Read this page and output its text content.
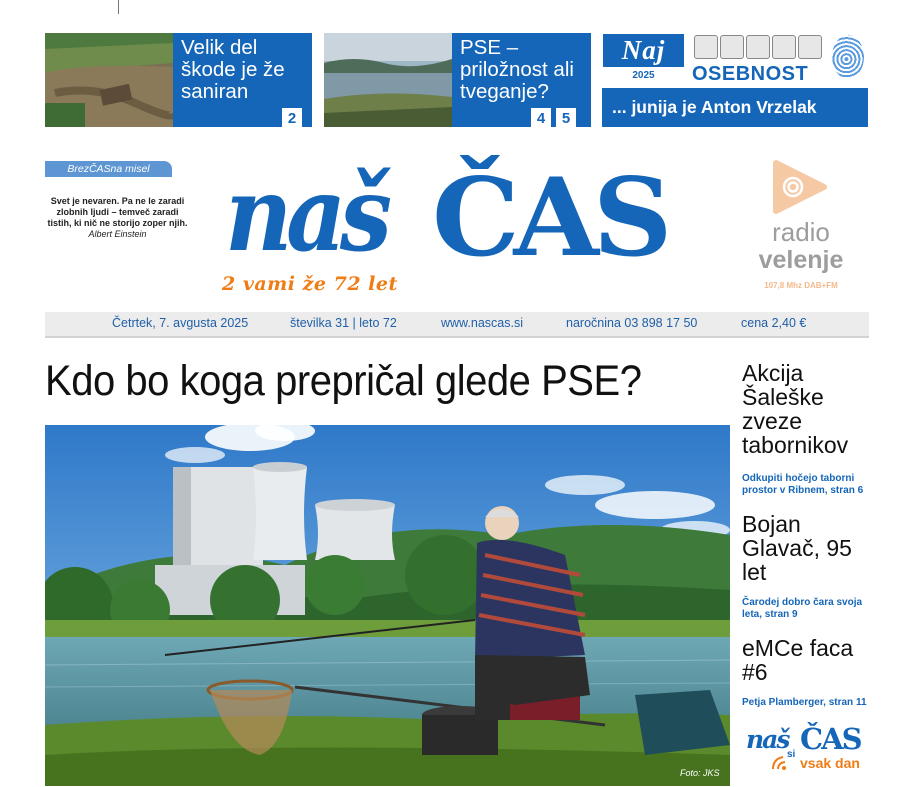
Velik del škode je že saniran
2
PSE – priložnost ali tveganje?
4	5
Naj
2025	OSEBNOST
... junija je Anton Vrzelak
BrezČASna misel
Svet je nevaren. Pa ne le zaradi zlobnih ljudi – temveč zaradi tistih, ki nič ne storijo zoper njih.
Albert Einstein naš ČAS
2 vami že 72 let
radio
velenje
107,8 Mhz DAB+FM
Četrtek, 7. avgusta 2025	številka 31 | leto 72	www.nascas.si	naročnina 03 898 17 50	cena 2,40 €
Kdo bo koga prepričal glede PSE?
Foto: JKS
Akcija Šaleške zveze tabornikov
Odkupiti hočejo taborni prostor v Ribnem, stran 6
Bojan Glavač, 95 let
Čarodej dobro čara svoja leta, stran 9
eMCe faca #6
Petja Plamberger, stran 11
naš ČAS
si
vsak dan
